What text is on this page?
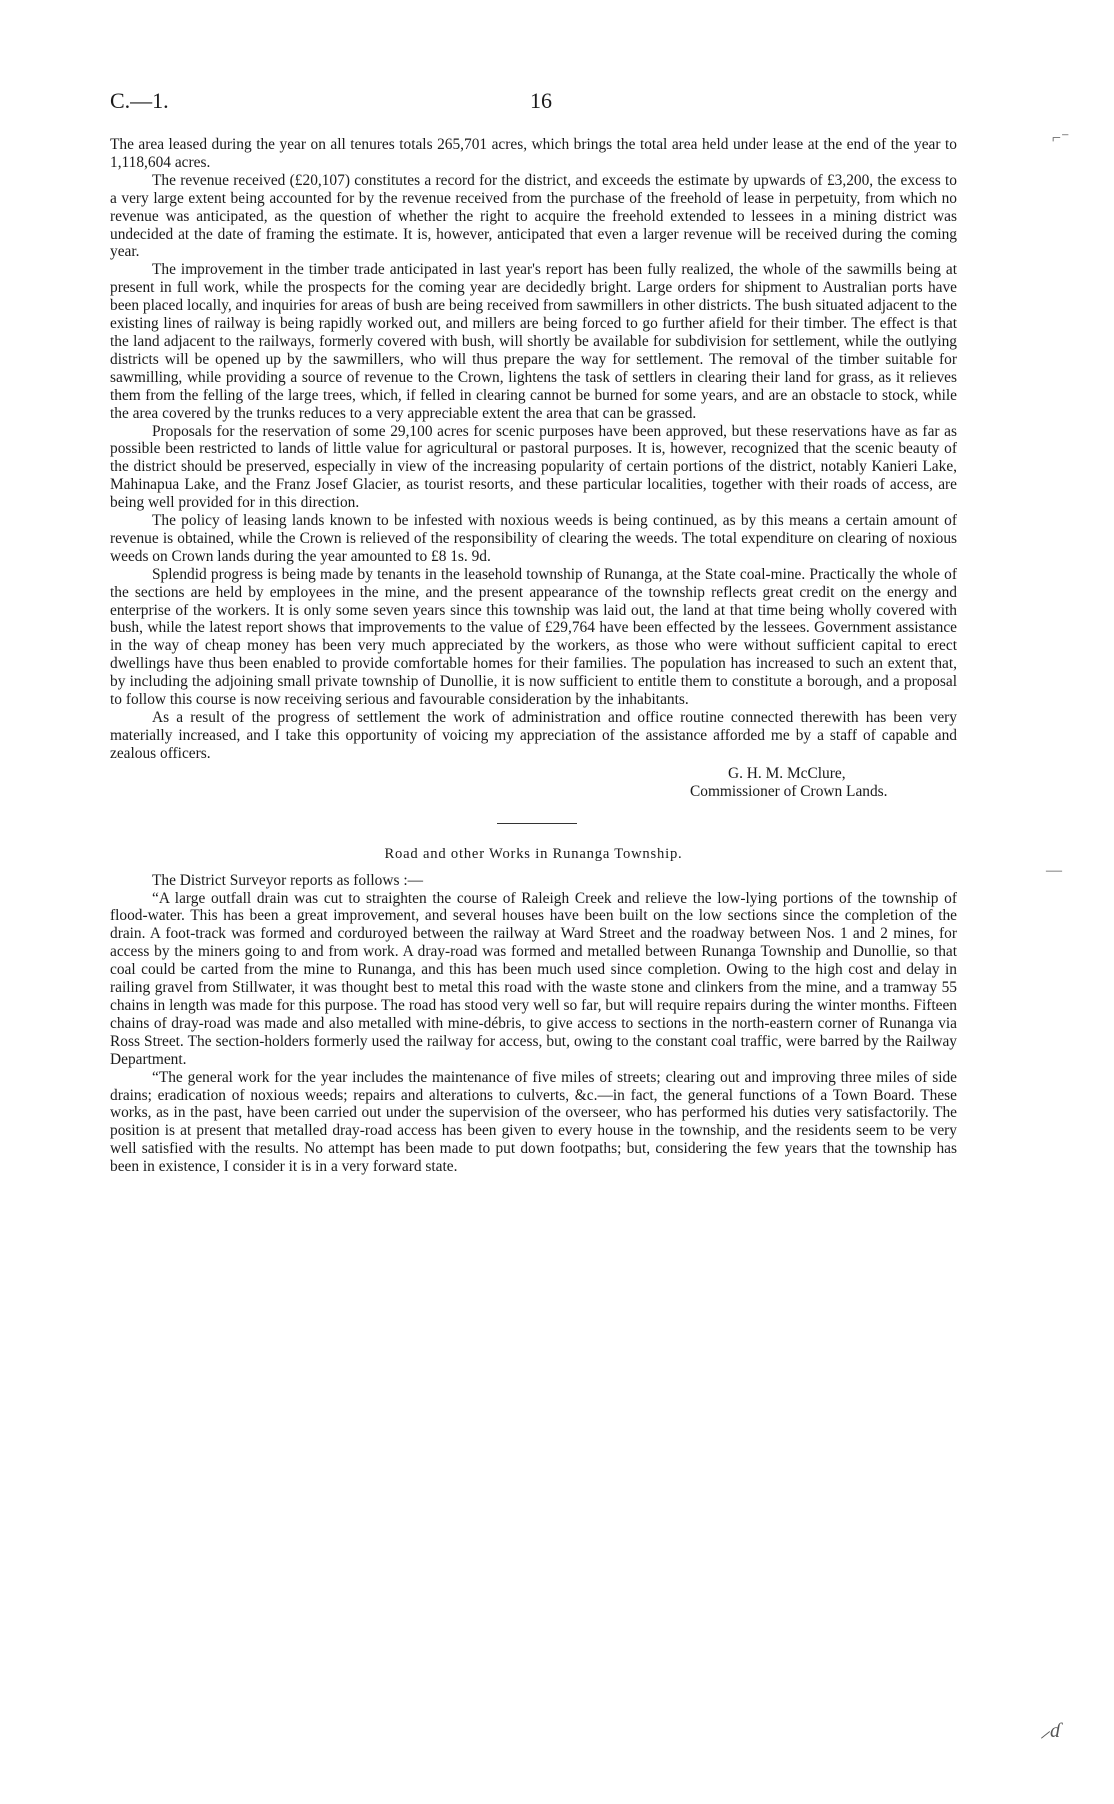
C.—1.	16
⌐⁻
—
⸝ɗ

The area leased during the year on all tenures totals 265,701 acres, which brings the total area held under lease at the end of the year to 1,118,604 acres.

The revenue received (£20,107) constitutes a record for the district, and exceeds the estimate by upwards of £3,200, the excess to a very large extent being accounted for by the revenue received from the purchase of the freehold of lease in perpetuity, from which no revenue was anticipated, as the question of whether the right to acquire the freehold extended to lessees in a mining district was undecided at the date of framing the estimate. It is, however, anticipated that even a larger revenue will be received during the coming year.

The improvement in the timber trade anticipated in last year's report has been fully realized, the whole of the sawmills being at present in full work, while the prospects for the coming year are decidedly bright. Large orders for shipment to Australian ports have been placed locally, and inquiries for areas of bush are being received from sawmillers in other districts. The bush situated adjacent to the existing lines of railway is being rapidly worked out, and millers are being forced to go further afield for their timber. The effect is that the land adjacent to the railways, formerly covered with bush, will shortly be available for subdivision for settlement, while the outlying districts will be opened up by the sawmillers, who will thus prepare the way for settlement. The removal of the timber suitable for sawmilling, while providing a source of revenue to the Crown, lightens the task of settlers in clearing their land for grass, as it relieves them from the felling of the large trees, which, if felled in clearing cannot be burned for some years, and are an obstacle to stock, while the area covered by the trunks reduces to a very appreciable extent the area that can be grassed.

Proposals for the reservation of some 29,100 acres for scenic purposes have been approved, but these reservations have as far as possible been restricted to lands of little value for agricultural or pastoral purposes. It is, however, recognized that the scenic beauty of the district should be preserved, especially in view of the increasing popularity of certain portions of the district, notably Kanieri Lake, Mahinapua Lake, and the Franz Josef Glacier, as tourist resorts, and these particular localities, together with their roads of access, are being well provided for in this direction.

The policy of leasing lands known to be infested with noxious weeds is being continued, as by this means a certain amount of revenue is obtained, while the Crown is relieved of the responsibility of clearing the weeds. The total expenditure on clearing of noxious weeds on Crown lands during the year amounted to £8 1s. 9d.

Splendid progress is being made by tenants in the leasehold township of Runanga, at the State coal-mine. Practically the whole of the sections are held by employees in the mine, and the present appearance of the township reflects great credit on the energy and enterprise of the workers. It is only some seven years since this township was laid out, the land at that time being wholly covered with bush, while the latest report shows that improvements to the value of £29,764 have been effected by the lessees. Government assistance in the way of cheap money has been very much appreciated by the workers, as those who were without sufficient capital to erect dwellings have thus been enabled to provide comfortable homes for their families. The population has increased to such an extent that, by including the adjoining small private township of Dunollie, it is now sufficient to entitle them to constitute a borough, and a proposal to follow this course is now receiving serious and favourable consideration by the inhabitants.

As a result of the progress of settlement the work of administration and office routine connected therewith has been very materially increased, and I take this opportunity of voicing my appreciation of the assistance afforded me by a staff of capable and zealous officers.

G. H. M. McClure,
Commissioner of Crown Lands.
Road and other Works in Runanga Township.

The District Surveyor reports as follows :—

“A large outfall drain was cut to straighten the course of Raleigh Creek and relieve the low-lying portions of the township of flood-water. This has been a great improvement, and several houses have been built on the low sections since the completion of the drain. A foot-track was formed and corduroyed between the railway at Ward Street and the roadway between Nos. 1 and 2 mines, for access by the miners going to and from work. A dray-road was formed and metalled between Runanga Township and Dunollie, so that coal could be carted from the mine to Runanga, and this has been much used since completion. Owing to the high cost and delay in railing gravel from Stillwater, it was thought best to metal this road with the waste stone and clinkers from the mine, and a tramway 55 chains in length was made for this purpose. The road has stood very well so far, but will require repairs during the winter months. Fifteen chains of dray-road was made and also metalled with mine-débris, to give access to sections in the north-eastern corner of Runanga via Ross Street. The section-holders formerly used the railway for access, but, owing to the constant coal traffic, were barred by the Railway Department.

“The general work for the year includes the maintenance of five miles of streets; clearing out and improving three miles of side drains; eradication of noxious weeds; repairs and alterations to culverts, &c.—in fact, the general functions of a Town Board. These works, as in the past, have been carried out under the supervision of the overseer, who has performed his duties very satisfactorily. The position is at present that metalled dray-road access has been given to every house in the township, and the residents seem to be very well satisfied with the results. No attempt has been made to put down footpaths; but, considering the few years that the township has been in existence, I consider it is in a very forward state.
